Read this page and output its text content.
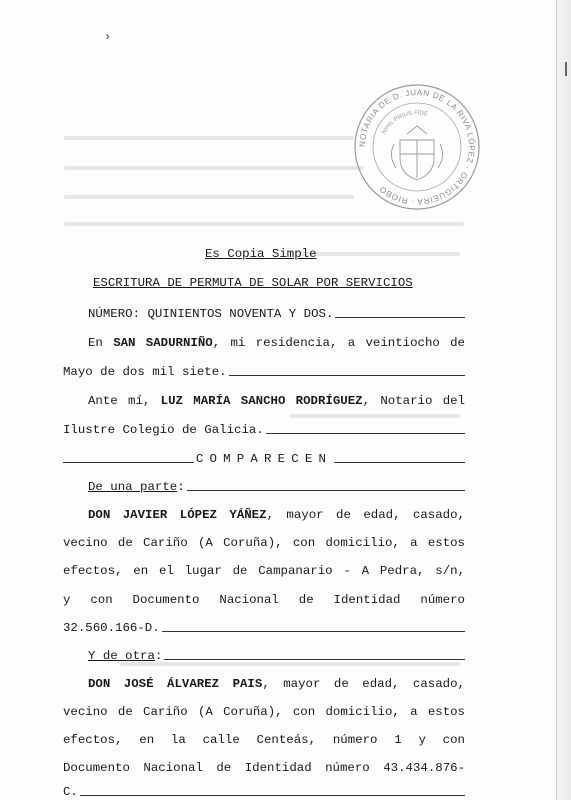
›
NOTARIA DE D. JUAN DE LA RIVA LÓPEZ · ORTIGUEIRA · RIOBO
NIHIL PRIUS FIDE
Es Copia Simple
ESCRITURA DE PERMUTA DE SOLAR POR SERVICIOS
NÚMERO: QUINIENTOS NOVENTA Y DOS.
En SAN SADURNIÑO, mi residencia, a veintiocho de
Mayo de dos mil siete.
Ante mí, LUZ MARÍA SANCHO RODRÍGUEZ, Notario del
Ilustre Colegio de Galicia.
COMPARECEN
De una parte :
DON JAVIER LÓPEZ YÁÑEZ, mayor de edad, casado,
vecino de Cariño (A Coruña), con domicilio, a estos
efectos, en el lugar de Campanario - A Pedra, s/n,
y con Documento Nacional de Identidad número
32.560.166-D.
Y de otra :
DON JOSÉ ÁLVAREZ PAIS, mayor de edad, casado,
vecino de Cariño (A Coruña), con domicilio, a estos
efectos, en la calle Centeás, número 1 y con
Documento Nacional de Identidad número 43.434.876-
C.
